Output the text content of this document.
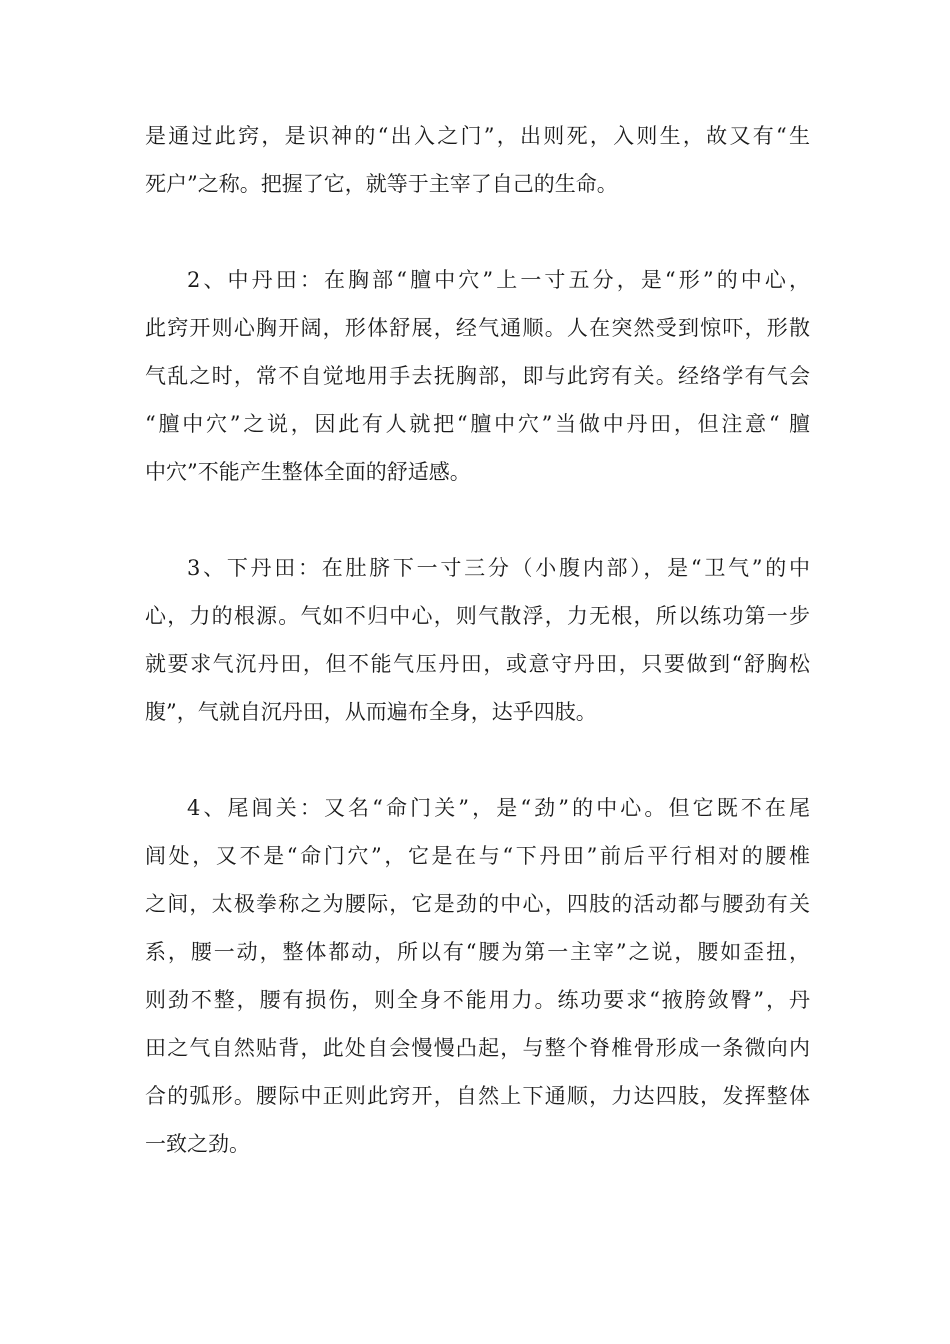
是通过此窍，是识神的“出入之门”，出则死，入则生，故又有“生
死户”之称。把握了它，就等于主宰了自己的生命。
2、中丹田：在胸部“膻中穴”上一寸五分，是“形”的中心，
此窍开则心胸开阔，形体舒展，经气通顺。人在突然受到惊吓，形散
气乱之时，常不自觉地用手去抚胸部，即与此窍有关。经络学有气会
“膻中穴”之说，因此有人就把“膻中穴”当做中丹田，但注意“ 膻
中穴”不能产生整体全面的舒适感。
3、下丹田：在肚脐下一寸三分（小腹内部），是“卫气”的中
心，力的根源。气如不归中心，则气散浮，力无根，所以练功第一步
就要求气沉丹田，但不能气压丹田，或意守丹田，只要做到“舒胸松
腹”，气就自沉丹田，从而遍布全身，达乎四肢。
4、尾闾关：又名“命门关”，是“劲”的中心。但它既不在尾
闾处，又不是“命门穴”，它是在与“下丹田”前后平行相对的腰椎
之间，太极拳称之为腰际，它是劲的中心，四肢的活动都与腰劲有关
系，腰一动，整体都动，所以有“腰为第一主宰”之说，腰如歪扭，
则劲不整，腰有损伤，则全身不能用力。练功要求“掖胯敛臀”，丹
田之气自然贴背，此处自会慢慢凸起，与整个脊椎骨形成一条微向内
合的弧形。腰际中正则此窍开，自然上下通顺，力达四肢，发挥整体
一致之劲。
